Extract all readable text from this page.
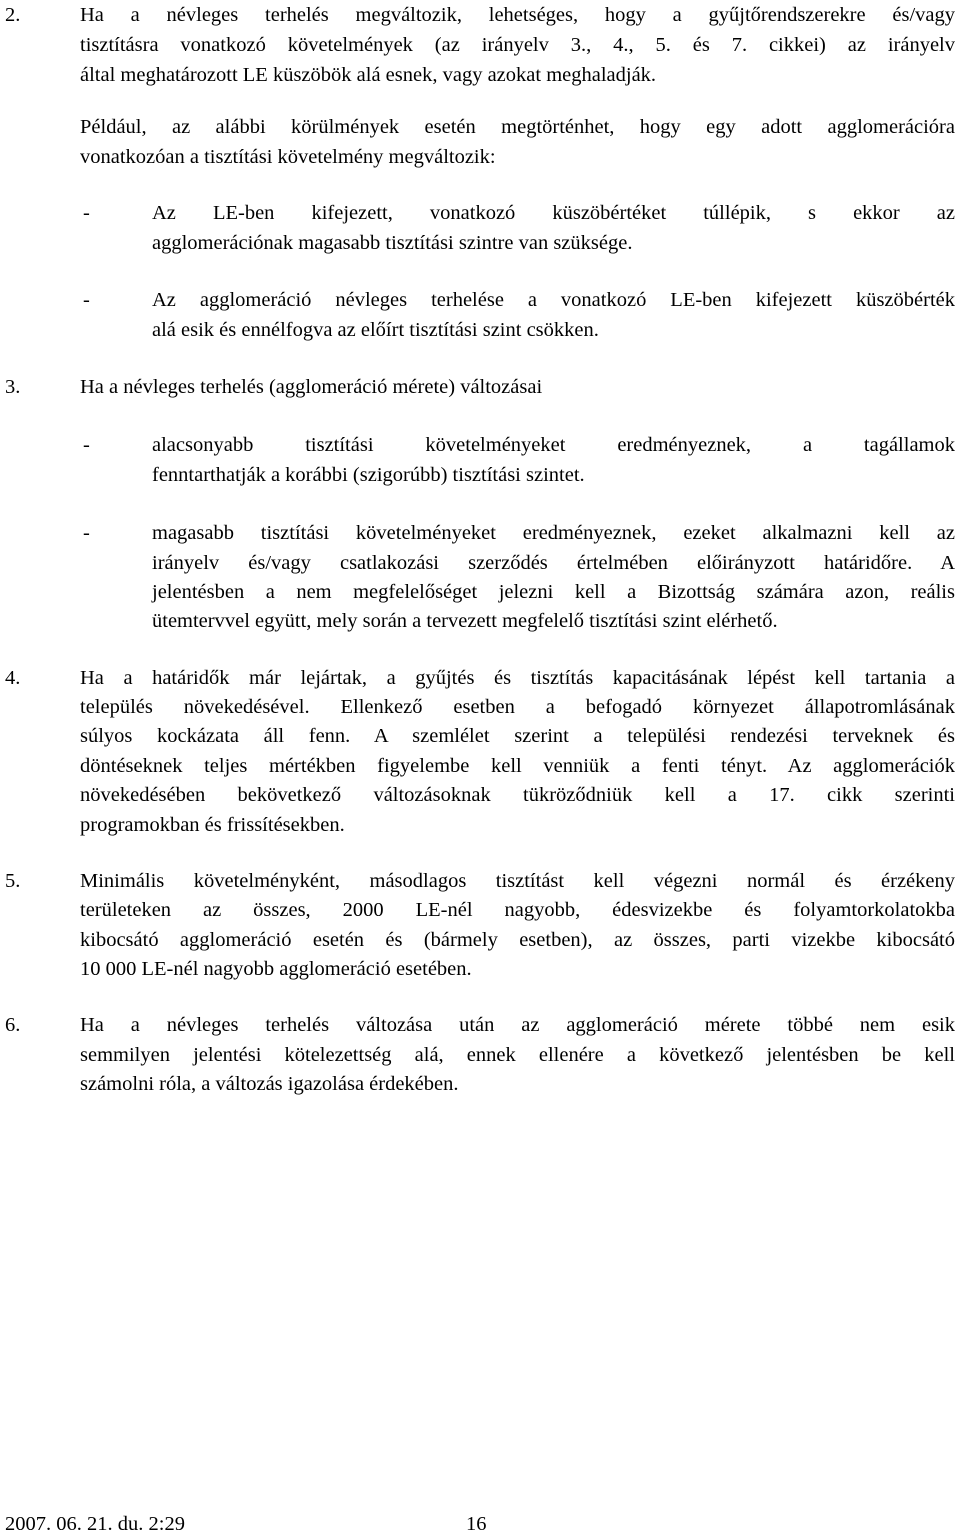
2.	Ha a névleges terhelés megváltozik, lehetséges, hogy a gyűjtőrendszerekre és/vagy
tisztításra vonatkozó követelmények (az irányelv 3., 4., 5. és 7. cikkei) az irányelv
által meghatározott LE küszöbök alá esnek, vagy azokat meghaladják.
Például, az alábbi körülmények esetén megtörténhet, hogy egy adott agglomerációra
vonatkozóan a tisztítási követelmény megváltozik:
-	Az LE-ben kifejezett, vonatkozó küszöbértéket túllépik, s ekkor az
agglomerációnak magasabb tisztítási szintre van szüksége.
-	Az agglomeráció névleges terhelése a vonatkozó LE-ben kifejezett küszöbérték
alá esik és ennélfogva az előírt tisztítási szint csökken.
3.	Ha a névleges terhelés (agglomeráció mérete) változásai
-	alacsonyabb tisztítási követelményeket eredményeznek, a tagállamok
fenntarthatják a korábbi (szigorúbb) tisztítási szintet.
-	magasabb tisztítási követelményeket eredményeznek, ezeket alkalmazni kell az
irányelv és/vagy csatlakozási szerződés értelmében előirányzott határidőre. A
jelentésben a nem megfelelőséget jelezni kell a Bizottság számára azon, reális
ütemtervvel együtt, mely során a tervezett megfelelő tisztítási szint elérhető.
4.	Ha a határidők már lejártak, a gyűjtés és tisztítás kapacitásának lépést kell tartania a
település növekedésével. Ellenkező esetben a befogadó környezet állapotromlásának
súlyos kockázata áll fenn. A szemlélet szerint a települési rendezési terveknek és
döntéseknek teljes mértékben figyelembe kell venniük a fenti tényt. Az agglomerációk
növekedésében bekövetkező változásoknak tükröződniük kell a 17. cikk szerinti
programokban és frissítésekben.
5.	Minimális követelményként, másodlagos tisztítást kell végezni normál és érzékeny
területeken az összes, 2000 LE-nél nagyobb, édesvizekbe és folyamtorkolatokba
kibocsátó agglomeráció esetén és (bármely esetben), az összes, parti vizekbe kibocsátó
10 000 LE-nél nagyobb agglomeráció esetében.
6.	Ha a névleges terhelés változása után az agglomeráció mérete többé nem esik
semmilyen jelentési kötelezettség alá, ennek ellenére a következő jelentésben be kell
számolni róla, a változás igazolása érdekében.
2007. 06. 21. du. 2:29	16
